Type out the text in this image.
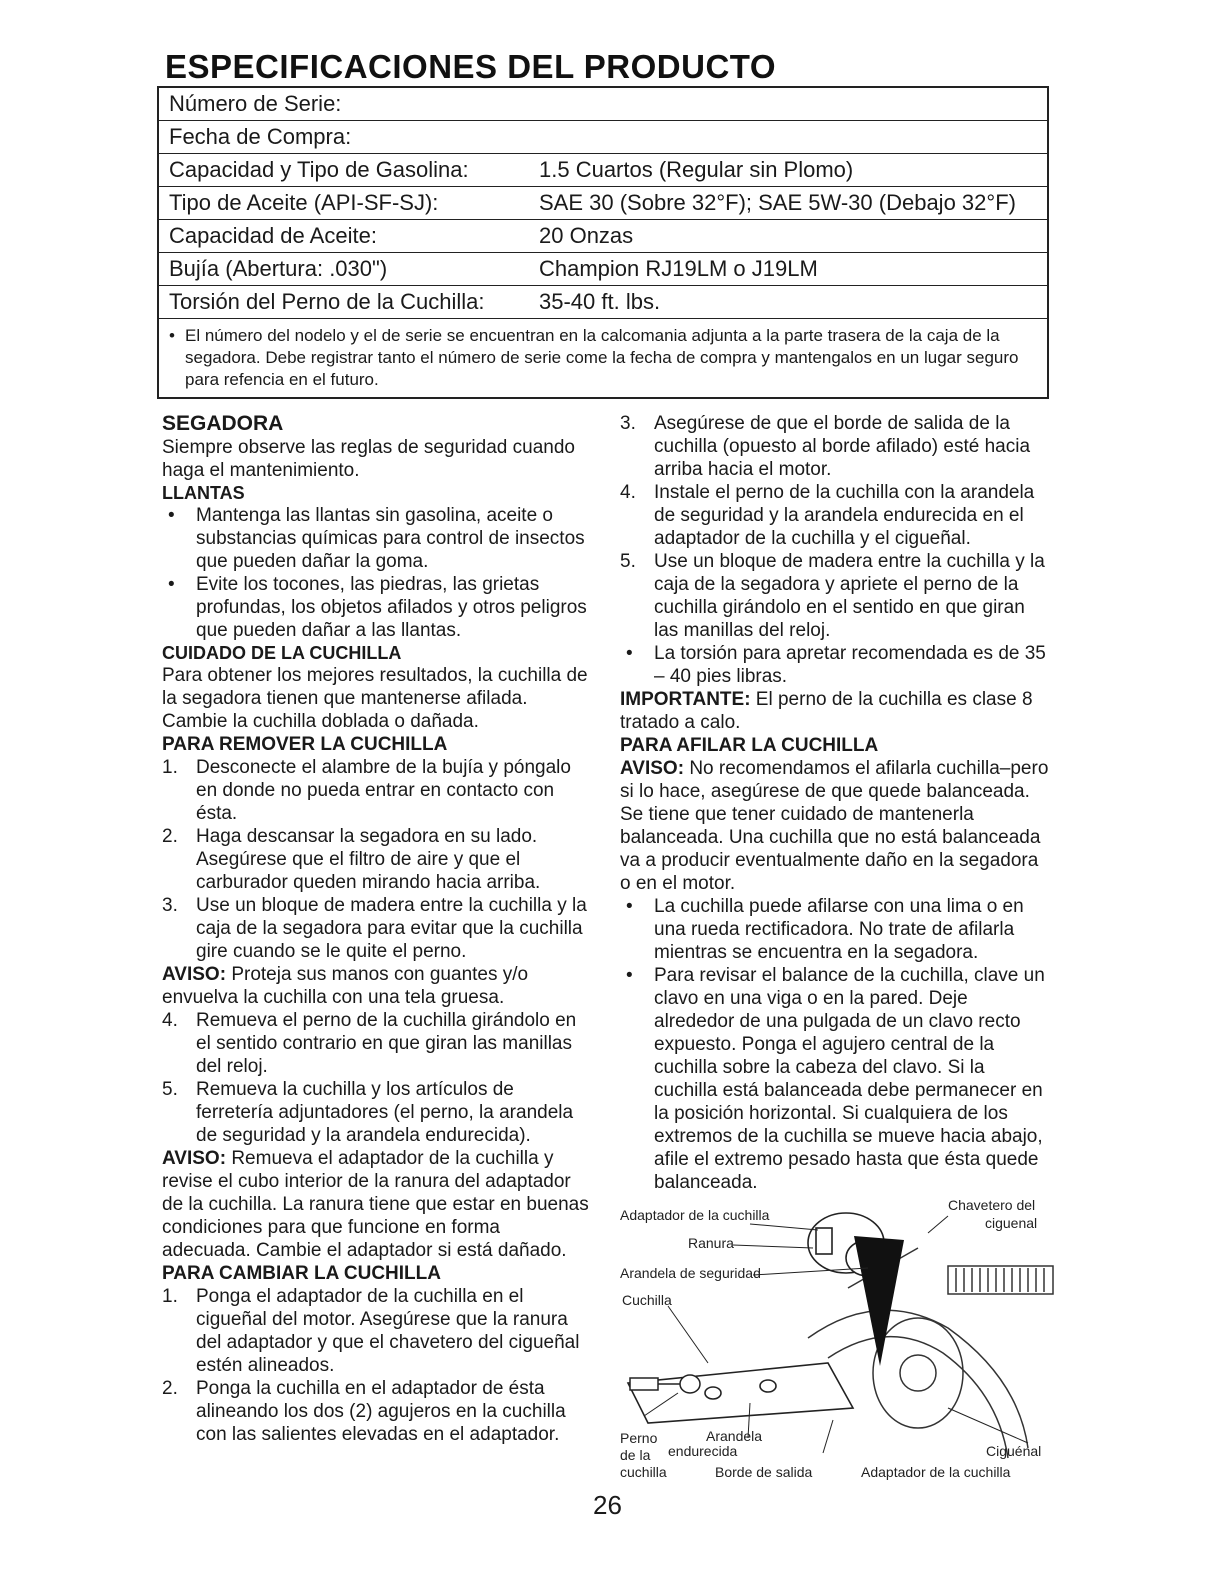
ESPECIFICACIONES DEL PRODUCTO
Número de Serie:
Fecha de Compra:
Capacidad y Tipo de Gasolina:	1.5 Cuartos (Regular sin Plomo)
Tipo de Aceite (API-SF-SJ):	SAE 30 (Sobre 32°F); SAE 5W-30 (Debajo 32°F)
Capacidad de Aceite:	20 Onzas
Bujía (Abertura: .030")	Champion RJ19LM o J19LM
Torsión del Perno de la Cuchilla:	35-40 ft. lbs.
• El número del nodelo y el de serie se encuentran en la calcomania adjunta a la parte trasera de la caja de la segadora. Debe registrar tanto el número de serie come la fecha de compra y mantengalos en un lugar seguro para refencia en el futuro.
SEGADORA

Siempre observe las reglas de seguridad cuando haga el mantenimiento.

LLANTAS
• Mantenga las llantas sin gasolina, aceite o substancias químicas para control de insectos que pueden dañar la goma.
• Evite los tocones, las piedras, las grietas profundas, los objetos afilados y otros peligros que pueden dañar a las llantas.
CUIDADO DE LA CUCHILLA

Para obtener los mejores resultados, la cuchilla de la segadora tienen que mantenerse afilada. Cambie la cuchilla doblada o dañada.

PARA REMOVER LA CUCHILLA
1. Desconecte el alambre de la bujía y póngalo en donde no pueda entrar en contacto con ésta.
2. Haga descansar la segadora en su lado. Asegúrese que el filtro de aire y que el carburador queden mirando hacia arriba.
3. Use un bloque de madera entre la cuchilla y la caja de la segadora para evitar que la cuchilla gire cuando se le quite el perno.

AVISO: Proteja sus manos con guantes y/o envuelva la cuchilla con una tela gruesa.

4. Remueva el perno de la cuchilla girándolo en el sentido contrario en que giran las manillas del reloj.
5. Remueva la cuchilla y los artículos de ferretería adjuntadores (el perno, la arandela de seguridad y la arandela endurecida).

AVISO: Remueva el adaptador de la cuchilla y revise el cubo interior de la ranura del adaptador de la cuchilla. La ranura tiene que estar en buenas condiciones para que funcione en forma adecuada. Cambie el adaptador si está dañado.

PARA CAMBIAR LA CUCHILLA
1. Ponga el adaptador de la cuchilla en el cigueñal del motor. Asegúrese que la ranura del adaptador y que el chavetero del cigueñal estén alineados.
2. Ponga la cuchilla en el adaptador de ésta alineando los dos (2) agujeros en la cuchilla con las salientes elevadas en el adaptador.
3. Asegúrese de que el borde de salida de la cuchilla (opuesto al borde afilado) esté hacia arriba hacia el motor.
4. Instale el perno de la cuchilla con la arandela de seguridad y la arandela endurecida en el adaptador de la cuchilla y el cigueñal.
5. Use un bloque de madera entre la cuchilla y la caja de la segadora y apriete el perno de la cuchilla girándolo en el sentido en que giran las manillas del reloj.
• La torsión para apretar recomendada es de 35 – 40 pies libras.

IMPORTANTE: El perno de la cuchilla es clase 8 tratado a calo.

PARA AFILAR LA CUCHILLA

AVISO: No recomendamos el afilarla cuchilla–pero si lo hace, asegúrese de que quede balanceada. Se tiene que tener cuidado de mantenerla balanceada. Una cuchilla que no está balanceada va a producir eventualmente daño en la segadora o en el motor.

• La cuchilla puede afilarse con una lima o en una rueda rectificadora. No trate de afilarla mientras se encuentra en la segadora.
• Para revisar el balance de la cuchilla, clave un clavo en una viga o en la pared. Deje alrededor de una pulgada de un clavo recto expuesto. Ponga el agujero central de la cuchilla sobre la cabeza del clavo. Si la cuchilla está balanceada debe permanecer en la posición horizontal. Si cualquiera de los extremos de la cuchilla se mueve hacia abajo, afile el extremo pesado hasta que ésta quede balanceada.
Adaptador de la cuchilla
Chavetero del
ciguenal
Ranura
Arandela de seguridad
Cuchilla
Perno
de la
cuchilla
Arandela
endurecida
Borde de salida	Adaptador de la cuchilla
Ciguénal
26
